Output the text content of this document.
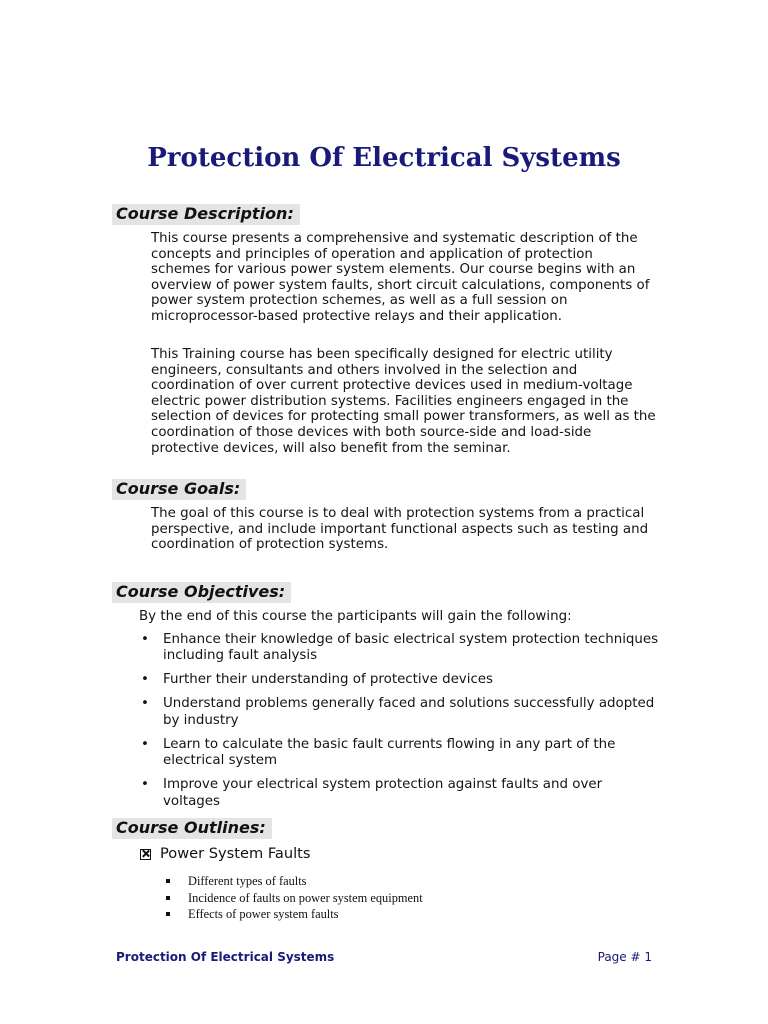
Protection Of Electrical Systems
Course Description:

This course presents a comprehensive and systematic description of the concepts and principles of operation and application of protection schemes for various power system elements. Our course begins with an overview of power system faults, short circuit calculations, components of power system protection schemes, as well as a full session on microprocessor-based protective relays and their application.

This Training course has been specifically designed for electric utility engineers, consultants and others involved in the selection and coordination of over current protective devices used in medium-voltage electric power distribution systems. Facilities engineers engaged in the selection of devices for protecting small power transformers, as well as the coordination of those devices with both source-side and load-side protective devices, will also benefit from the seminar.

Course Goals:

The goal of this course is to deal with protection systems from a practical perspective, and include important functional aspects such as testing and coordination of protection systems.

Course Objectives:
By the end of this course the participants will gain the following:
• Enhance their knowledge of basic electrical system protection techniques including fault analysis
• Further their understanding of protective devices
• Understand problems generally faced and solutions successfully adopted by industry
• Learn to calculate the basic fault currents flowing in any part of the electrical system
• Improve your electrical system protection against faults and over voltages
Course Outlines:
Power System Faults
Different types of faults
Incidence of faults on power system equipment
Effects of power system faults
Protection Of Electrical Systems	Page # 1
